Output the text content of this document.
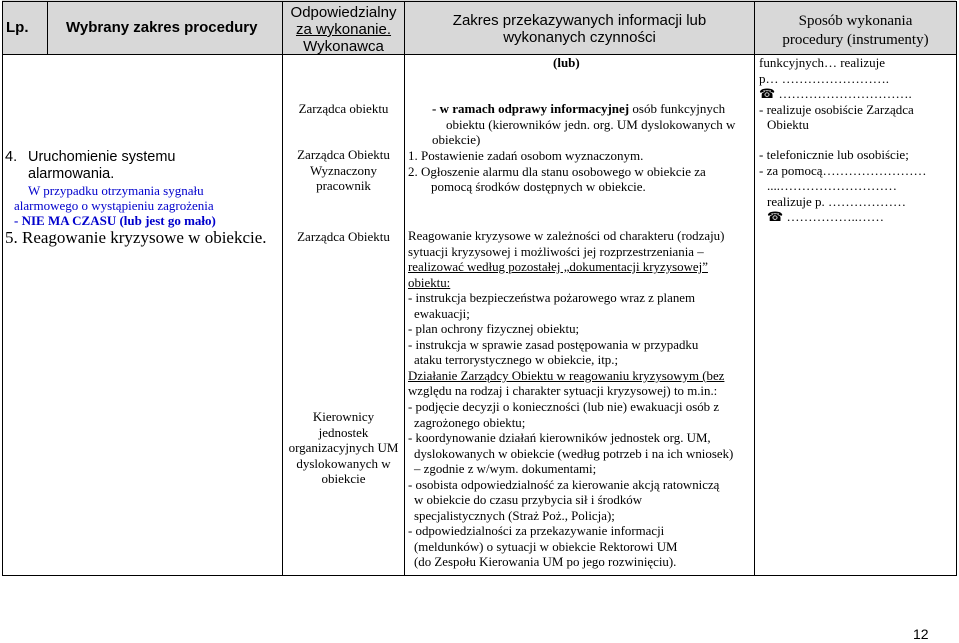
Lp.	Wybrany zakres procedury
Odpowiedzialny
za wykonanie.
Wykonawca
Zakres przekazywanych informacji lub
wykonanych czynności
Sposób wykonania
procedury (instrumenty)
4. Uruchomienie systemu
alarmowania.
W przypadku otrzymania sygnału
alarmowego o wystąpieniu zagrożenia
- NIE MA CZASU (lub jest go mało)
Zarządca obiektu
Zarządca Obiektu
Wyznaczony
pracownik
(lub)
- w ramach odprawy informacyjnej osób funkcyjnych
obiektu (kierowników jedn. org. UM dyslokowanych w
obiekcie)
1. Postawienie zadań osobom wyznaczonym.
2. Ogłoszenie alarmu dla stanu osobowego w obiekcie za
pomocą środków dostępnych w obiekcie.
funkcyjnych… realizuje
p… …………………….
☎ ………………………….
- realizuje osobiście Zarządca
Obiektu
- telefonicznie lub osobiście;
- za pomocą……………………
....………………………
realizuje p. ………………
☎ ……………..……
5. Reagowanie kryzysowe w obiekcie.	Zarządca Obiektu
Kierownicy
jednostek
organizacyjnych UM
dyslokowanych w
obiekcie
Reagowanie kryzysowe w zależności od charakteru (rodzaju)
sytuacji kryzysowej i możliwości jej rozprzestrzeniania –
realizować według pozostałej „dokumentacji kryzysowej”
obiektu:
- instrukcja bezpieczeństwa pożarowego wraz z planem
ewakuacji;
- plan ochrony fizycznej obiektu;
- instrukcja w sprawie zasad postępowania w przypadku
ataku terrorystycznego w obiekcie, itp.;
Działanie Zarządcy Obiektu w reagowaniu kryzysowym (bez
względu na rodzaj i charakter sytuacji kryzysowej) to m.in.:
- podjęcie decyzji o konieczności (lub nie) ewakuacji osób z
zagrożonego obiektu;
- koordynowanie działań kierowników jednostek org. UM,
dyslokowanych w obiekcie (według potrzeb i na ich wniosek)
– zgodnie z w/wym. dokumentami;
- osobista odpowiedzialność za kierowanie akcją ratowniczą
w obiekcie do czasu przybycia sił i środków
specjalistycznych (Straż Poż., Policja);
- odpowiedzialności za przekazywanie informacji
(meldunków) o sytuacji w obiekcie Rektorowi UM
(do Zespołu Kierowania UM po jego rozwinięciu).
12
